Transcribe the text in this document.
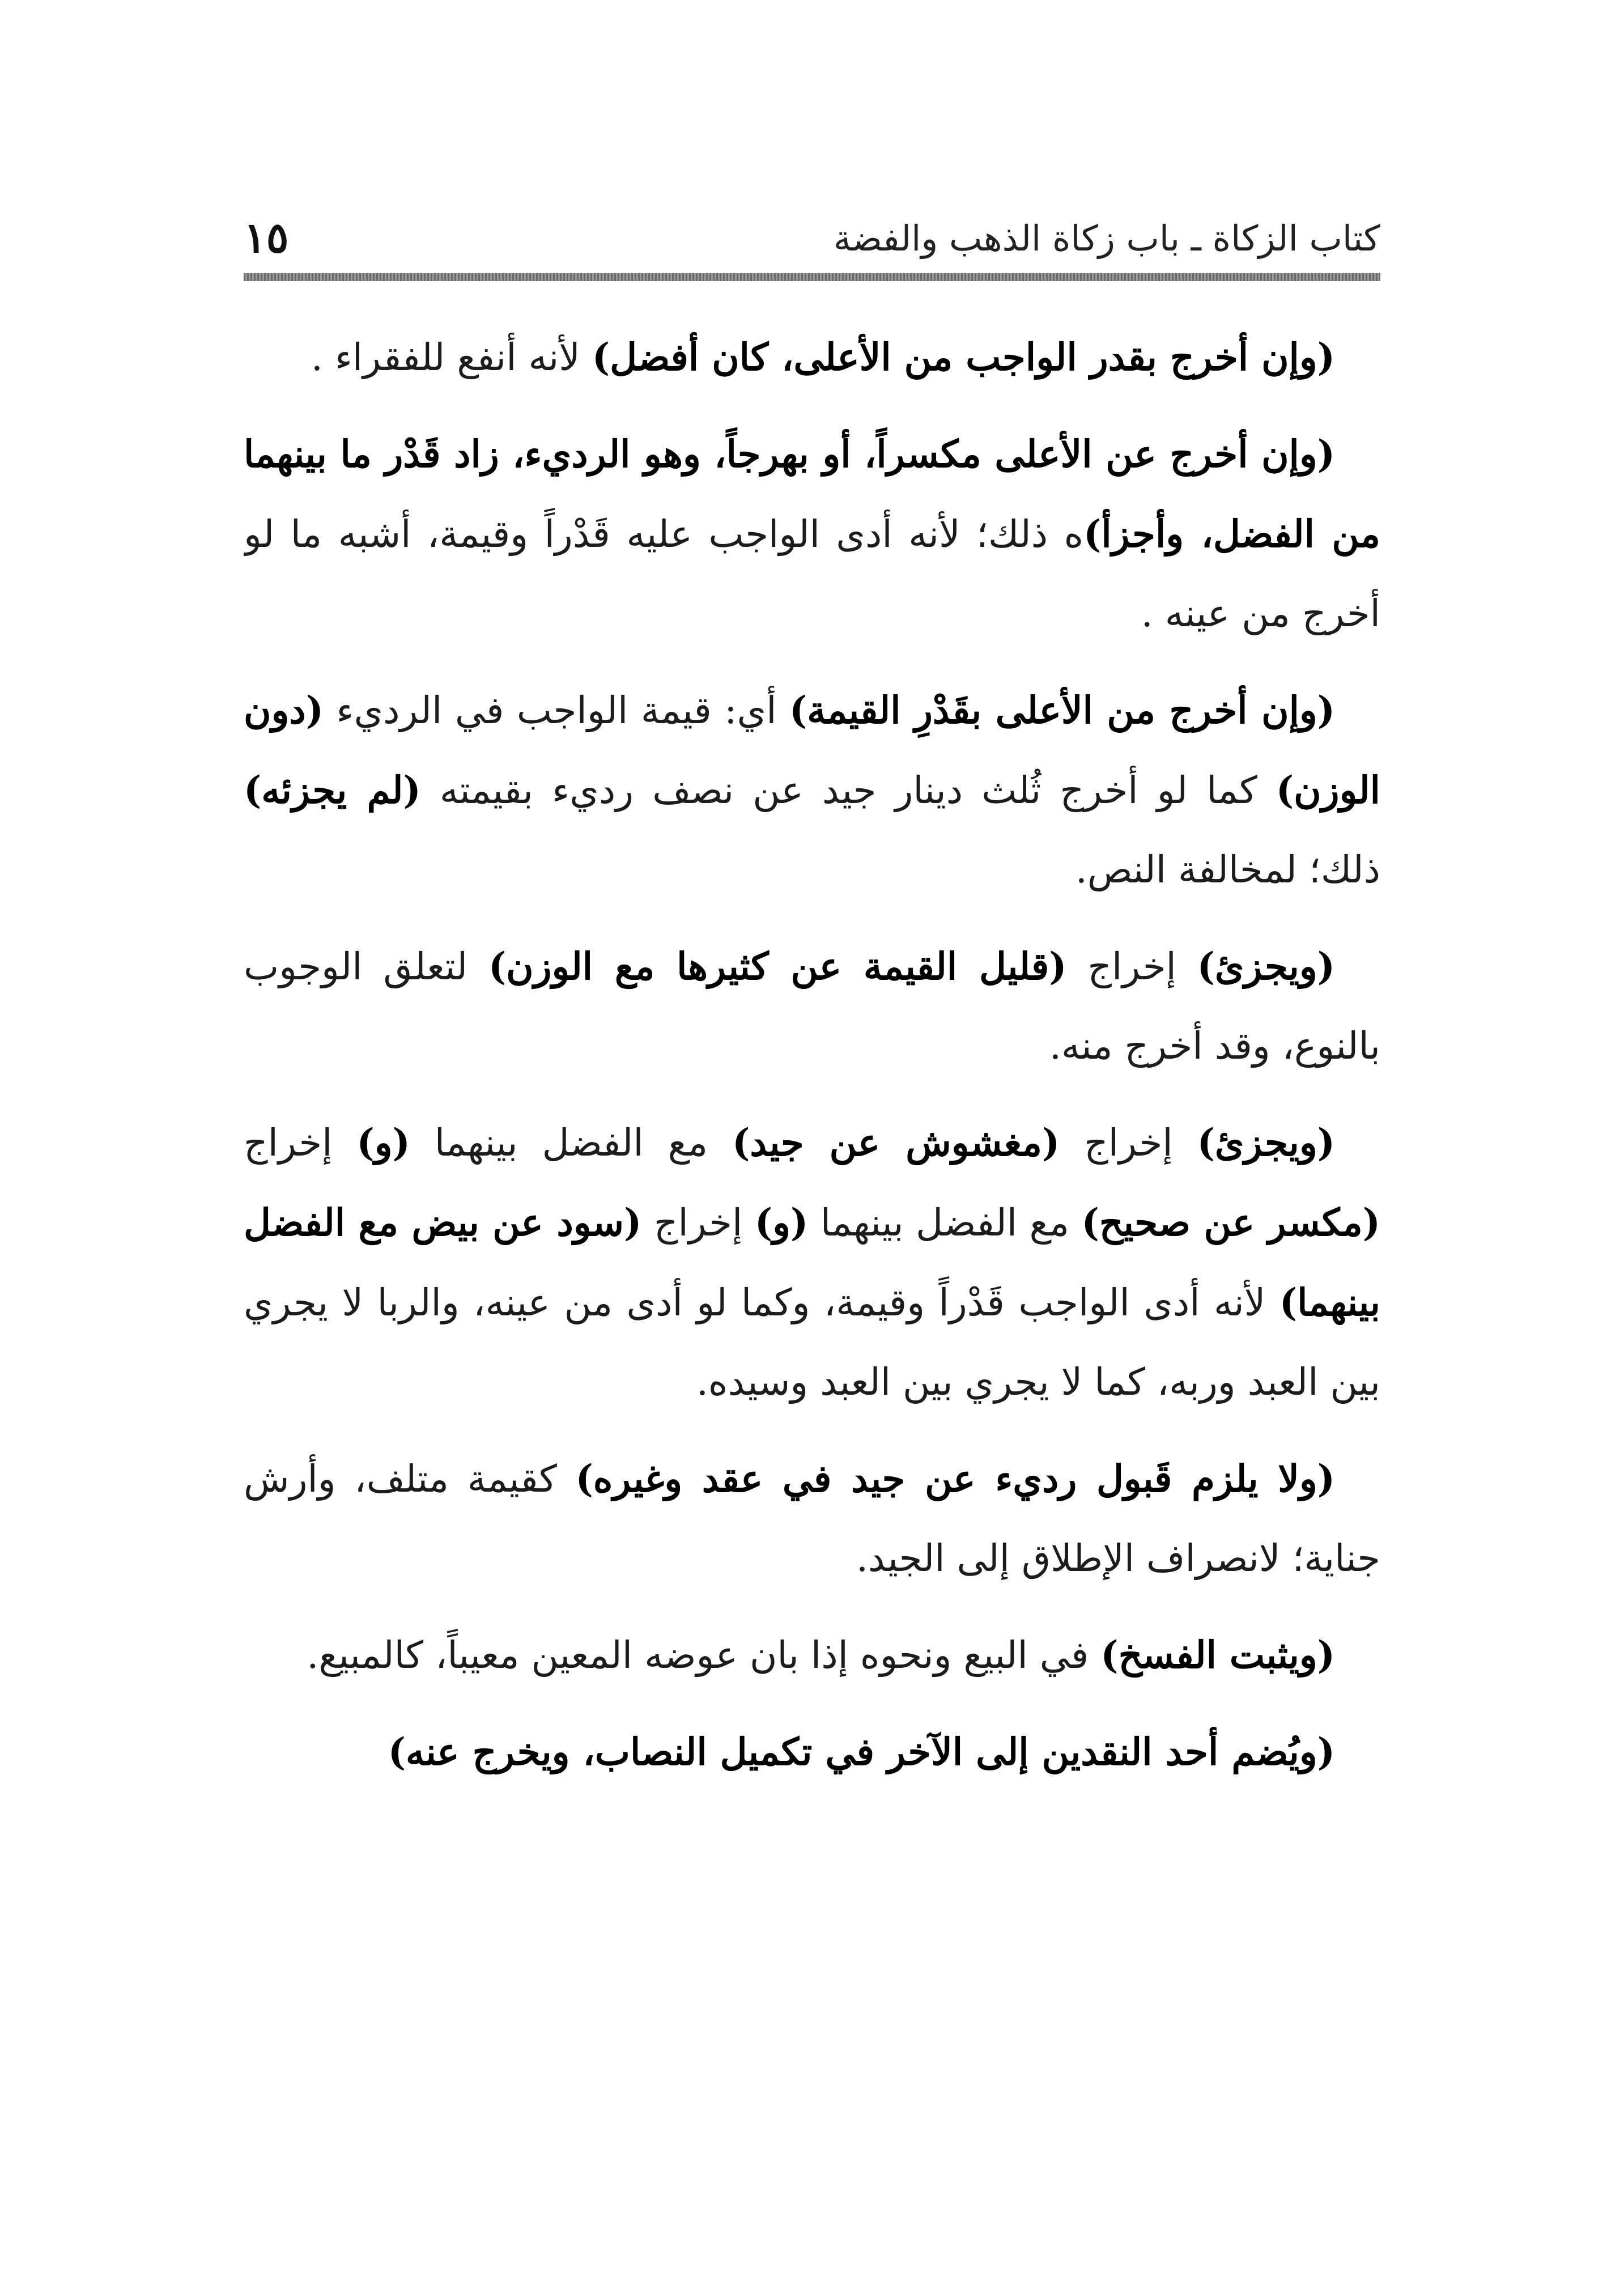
كتاب الزكاة ـ باب زكاة الذهب والفضة
١٥

(وإن أخرج بقدر الواجب من الأعلى، كان أفضل) لأنه أنفع للفقراء .

(وإن أخرج عن الأعلى مكسراً، أو بهرجاً، وهو الرديء، زاد قَدْر ما بينهما من الفضل، وأجزأ)ه ذلك؛ لأنه أدى الواجب عليه قَدْراً وقيمة، أشبه ما لو أخرج من عينه .

(وإن أخرج من الأعلى بقَدْرِ القيمة) أي: قيمة الواجب في الرديء (دون الوزن) كما لو أخرج ثُلث دينار جيد عن نصف رديء بقيمته (لم يجزئه) ذلك؛ لمخالفة النص.

(ويجزئ) إخراج (قليل القيمة عن كثيرها مع الوزن) لتعلق الوجوب بالنوع، وقد أخرج منه.

(ويجزئ) إخراج (مغشوش عن جيد) مع الفضل بينهما (و) إخراج (مكسر عن صحيح) مع الفضل بينهما (و) إخراج (سود عن بيض مع الفضل بينهما) لأنه أدى الواجب قَدْراً وقيمة، وكما لو أدى من عينه، والربا لا يجري بين العبد وربه، كما لا يجري بين العبد وسيده.

(ولا يلزم قَبول رديء عن جيد في عقد وغيره) كقيمة متلف، وأرش جناية؛ لانصراف الإطلاق إلى الجيد.

(ويثبت الفسخ) في البيع ونحوه إذا بان عوضه المعين معيباً، كالمبيع.

(ويُضم أحد النقدين إلى الآخر في تكميل النصاب، ويخرج عنه)
